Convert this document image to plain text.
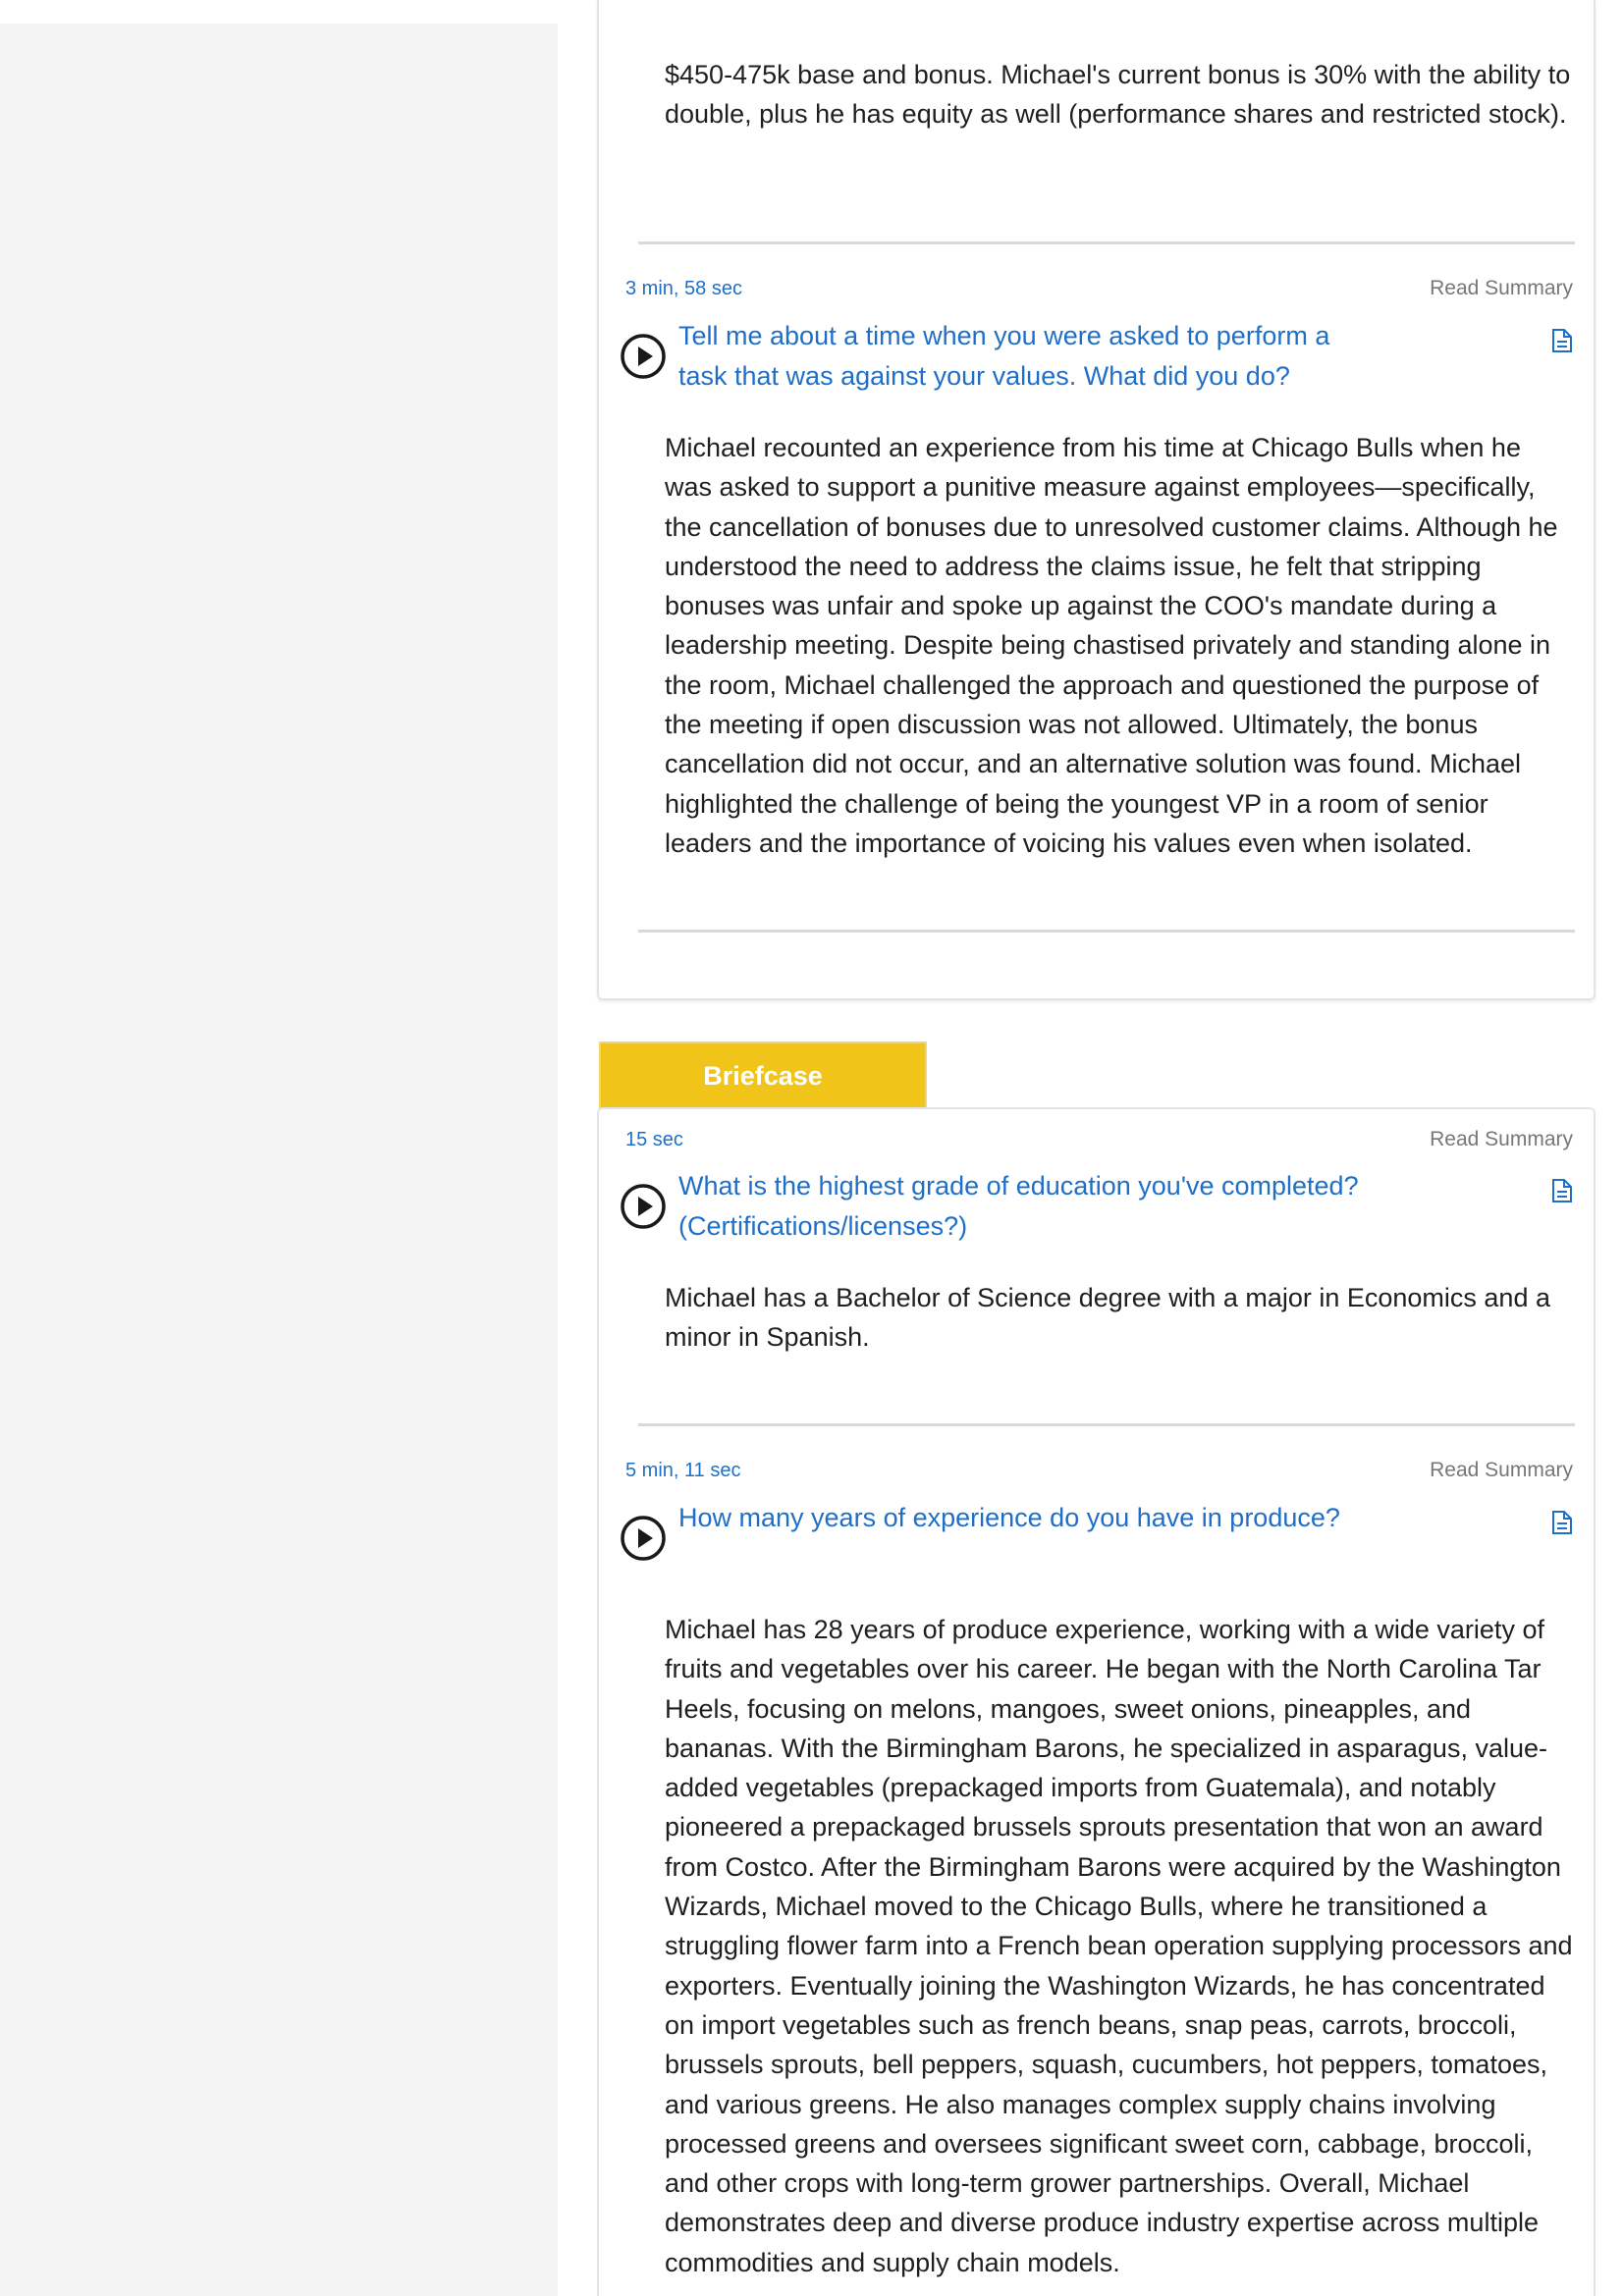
$450-475k base and bonus. Michael's current bonus is 30% with the ability to double, plus he has equity as well (performance shares and restricted stock).
3 min, 58 sec	Read Summary
Tell me about a time when you were asked to perform a task that was against your values. What did you do?
Michael recounted an experience from his time at Chicago Bulls when he was asked to support a punitive measure against employees—specifically, the cancellation of bonuses due to unresolved customer claims. Although he understood the need to address the claims issue, he felt that stripping bonuses was unfair and spoke up against the COO's mandate during a leadership meeting. Despite being chastised privately and standing alone in the room, Michael challenged the approach and questioned the purpose of the meeting if open discussion was not allowed. Ultimately, the bonus cancellation did not occur, and an alternative solution was found. Michael highlighted the challenge of being the youngest VP in a room of senior leaders and the importance of voicing his values even when isolated.
Briefcase
15 sec	Read Summary
What is the highest grade of education you've completed? (Certifications/licenses?)
Michael has a Bachelor of Science degree with a major in Economics and a minor in Spanish.
5 min, 11 sec	Read Summary
How many years of experience do you have in produce?
Michael has 28 years of produce experience, working with a wide variety of fruits and vegetables over his career. He began with the North Carolina Tar Heels, focusing on melons, mangoes, sweet onions, pineapples, and bananas. With the Birmingham Barons, he specialized in asparagus, value-added vegetables (prepackaged imports from Guatemala), and notably pioneered a prepackaged brussels sprouts presentation that won an award from Costco. After the Birmingham Barons were acquired by the Washington Wizards, Michael moved to the Chicago Bulls, where he transitioned a struggling flower farm into a French bean operation supplying processors and exporters. Eventually joining the Washington Wizards, he has concentrated on import vegetables such as french beans, snap peas, carrots, broccoli, brussels sprouts, bell peppers, squash, cucumbers, hot peppers, tomatoes, and various greens. He also manages complex supply chains involving processed greens and oversees significant sweet corn, cabbage, broccoli, and other crops with long-term grower partnerships. Overall, Michael demonstrates deep and diverse produce industry expertise across multiple commodities and supply chain models.
